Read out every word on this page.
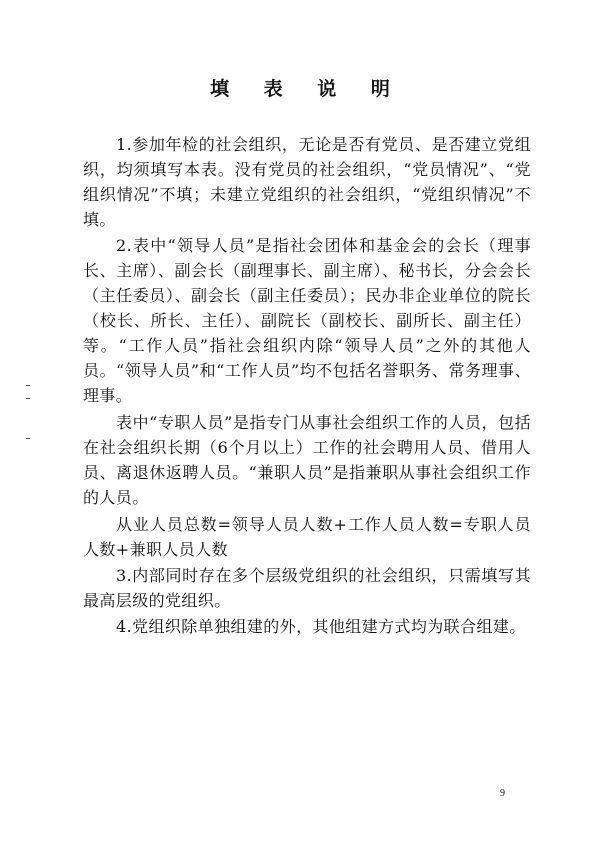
填 表 说 明

1.参加年检的社会组织，无论是否有党员、是否建立党组织，均须填写本表。没有党员的社会组织，“党员情况”、“党组织情况”不填；未建立党组织的社会组织，“党组织情况”不填。

2.表中“领导人员”是指社会团体和基金会的会长（理事长、主席）、副会长（副理事长、副主席）、秘书长，分会会长（主任委员）、副会长（副主任委员）；民办非企业单位的院长（校长、所长、主任）、副院长（副校长、副所长、副主任）等。“工作人员”指社会组织内除“领导人员”之外的其他人员。“领导人员”和“工作人员”均不包括名誉职务、常务理事、理事。

表中“专职人员”是指专门从事社会组织工作的人员，包括在社会组织长期（6个月以上）工作的社会聘用人员、借用人员、离退休返聘人员。“兼职人员”是指兼职从事社会组织工作的人员。

从业人员总数=领导人员人数+工作人员人数=专职人员人数+兼职人员人数

3.内部同时存在多个层级党组织的社会组织，只需填写其最高层级的党组织。

4.党组织除单独组建的外，其他组建方式均为联合组建。

9
